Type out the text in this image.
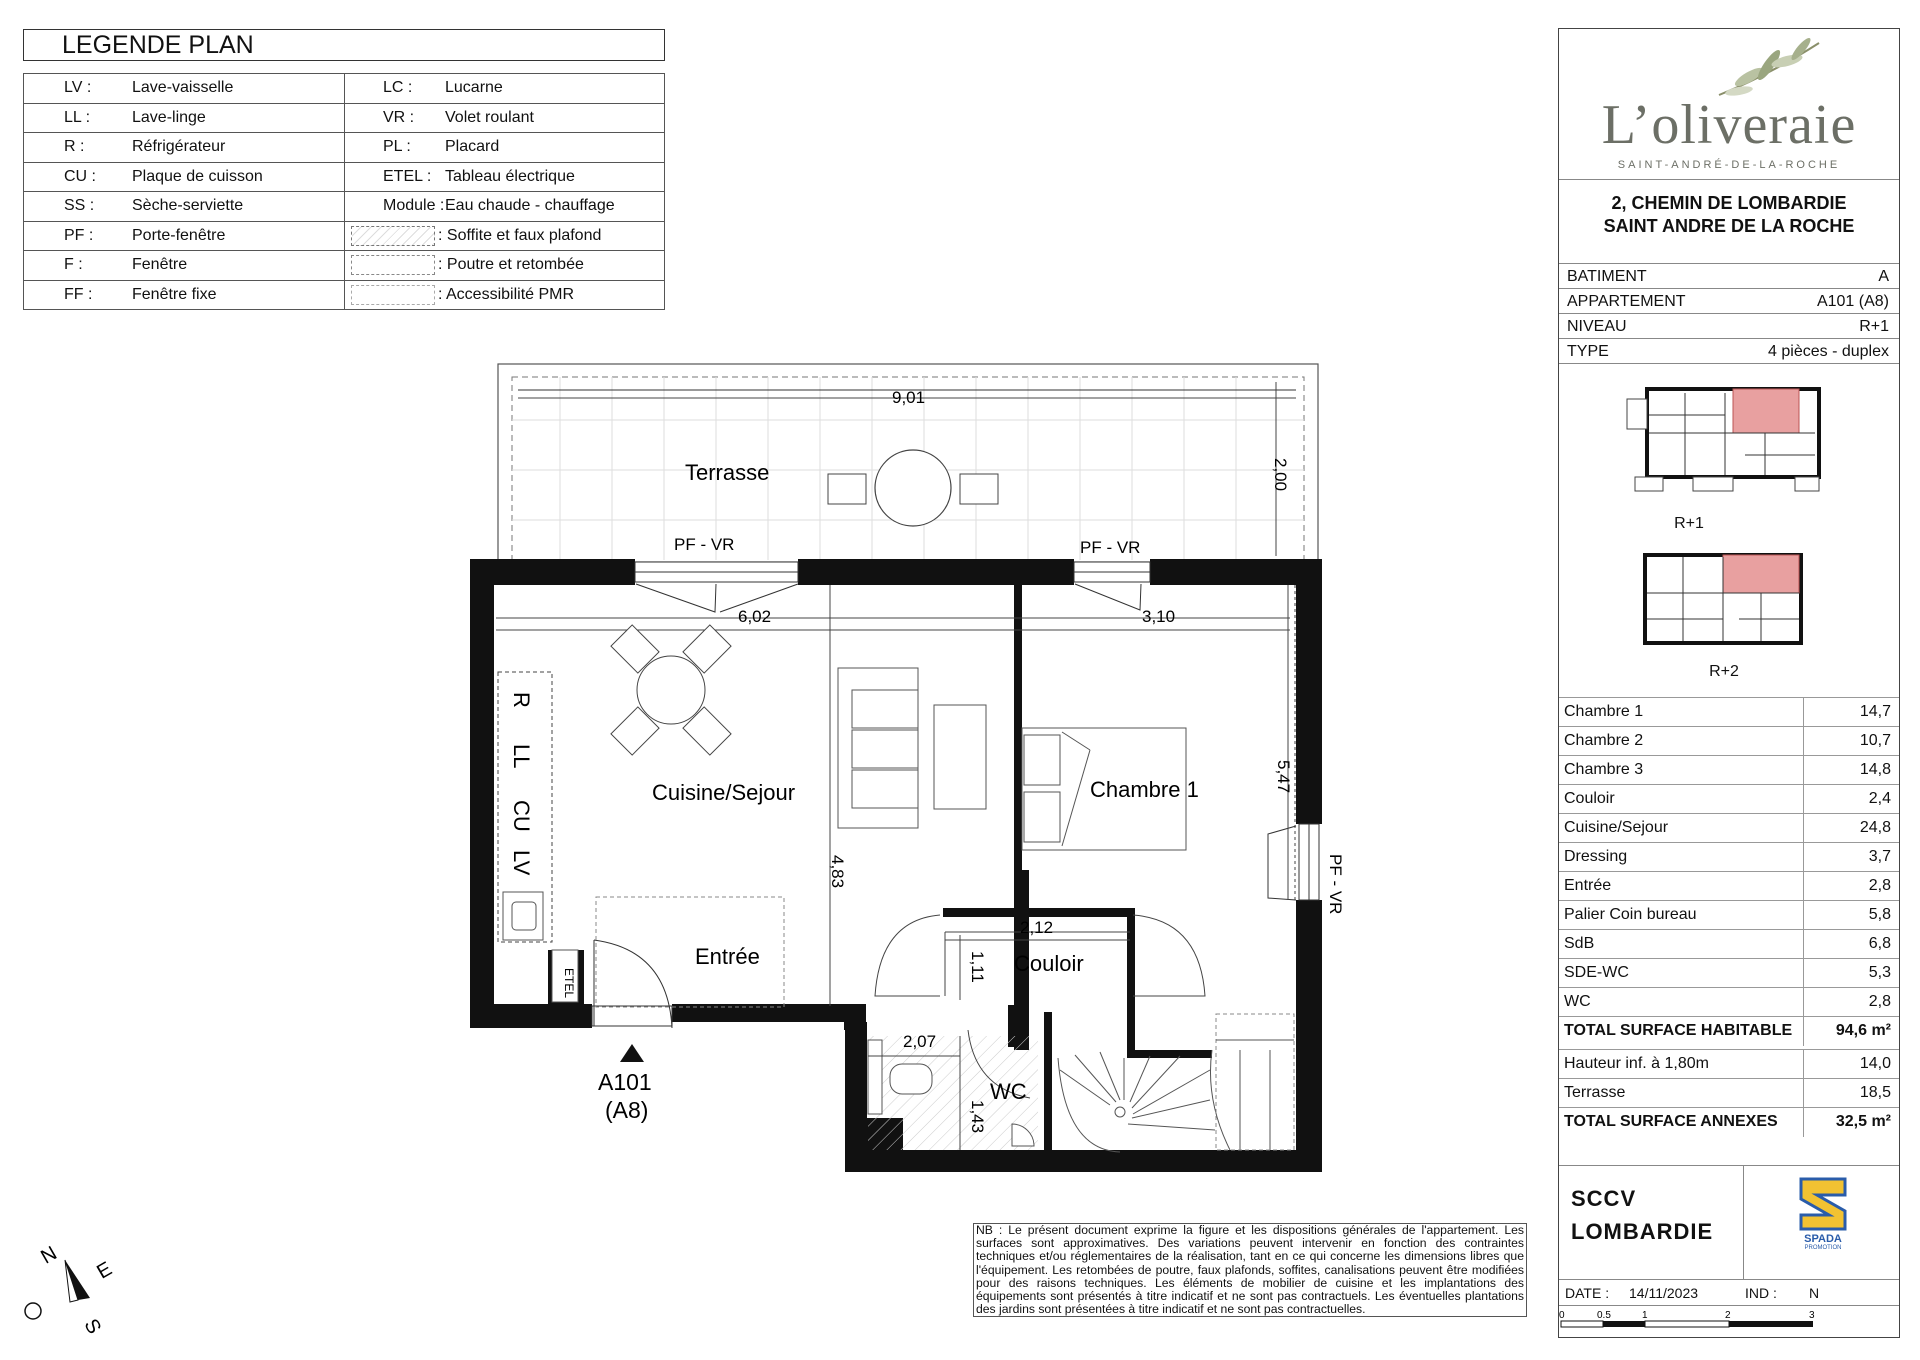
LEGENDE PLAN
LV : Lave-vaisselle	LC : Lucarne
LL : Lave-linge	VR : Volet roulant
R : Réfrigérateur	PL : Placard
CU : Plaque de cuisson	ETEL : Tableau électrique
SS : Sèche-serviette	Module :Eau chaude - chauffage
PF : Porte-fenêtre	: Soffite et faux plafond
F : Fenêtre	: Poutre et retombée
FF : Fenêtre fixe	: Accessibilité PMR
Terrasse
Cuisine/Sejour	Chambre 1
Entrée	Couloir
WC
R
LL
CU
LV
ETEL
PF - VR	PF - VR
PF - VR
9,01
2,00
6,02	3,10
5,47
4,83
2,12
1,11
2,07
1,43
A101
(A8)
N
E
S
NB : Le présent document exprime la figure et les dispositions générales de l'appartement. Les surfaces sont approximatives. Des variations peuvent intervenir en fonction des contraintes techniques et/ou réglementaires de la réalisation, tant en ce qui concerne les dimensions libres que l'équipement. Les retombées de poutre, faux plafonds, soffites, canalisations peuvent être modifiées pour des raisons techniques. Les éléments de mobilier de cuisine et les implantations des équipements sont présentés à titre indicatif et ne sont pas contractuels. Les éventuelles plantations des jardins sont présentées à titre indicatif et ne sont pas contractuelles.
L’oliveraie
SAINT-ANDRÉ-DE-LA-ROCHE
2, CHEMIN DE LOMBARDIE
SAINT ANDRE DE LA ROCHE
BATIMENT	A
APPARTEMENT	A101 (A8)
NIVEAU	R+1
TYPE	4 pièces - duplex
R+1
R+2
Chambre 1	14,7
Chambre 2	10,7
Chambre 3	14,8
Couloir	2,4
Cuisine/Sejour	24,8
Dressing	3,7
Entrée	2,8
Palier Coin bureau	5,8
SdB	6,8
SDE-WC	5,3
WC	2,8
TOTAL SURFACE HABITABLE	94,6 m²
Hauteur inf. à 1,80m	14,0
Terrasse	18,5
TOTAL SURFACE ANNEXES	32,5 m²
SCCV
LOMBARDIE	SPADA
PROMOTION
DATE : 14/11/2023	IND : N
0	0.5	1	2	3
